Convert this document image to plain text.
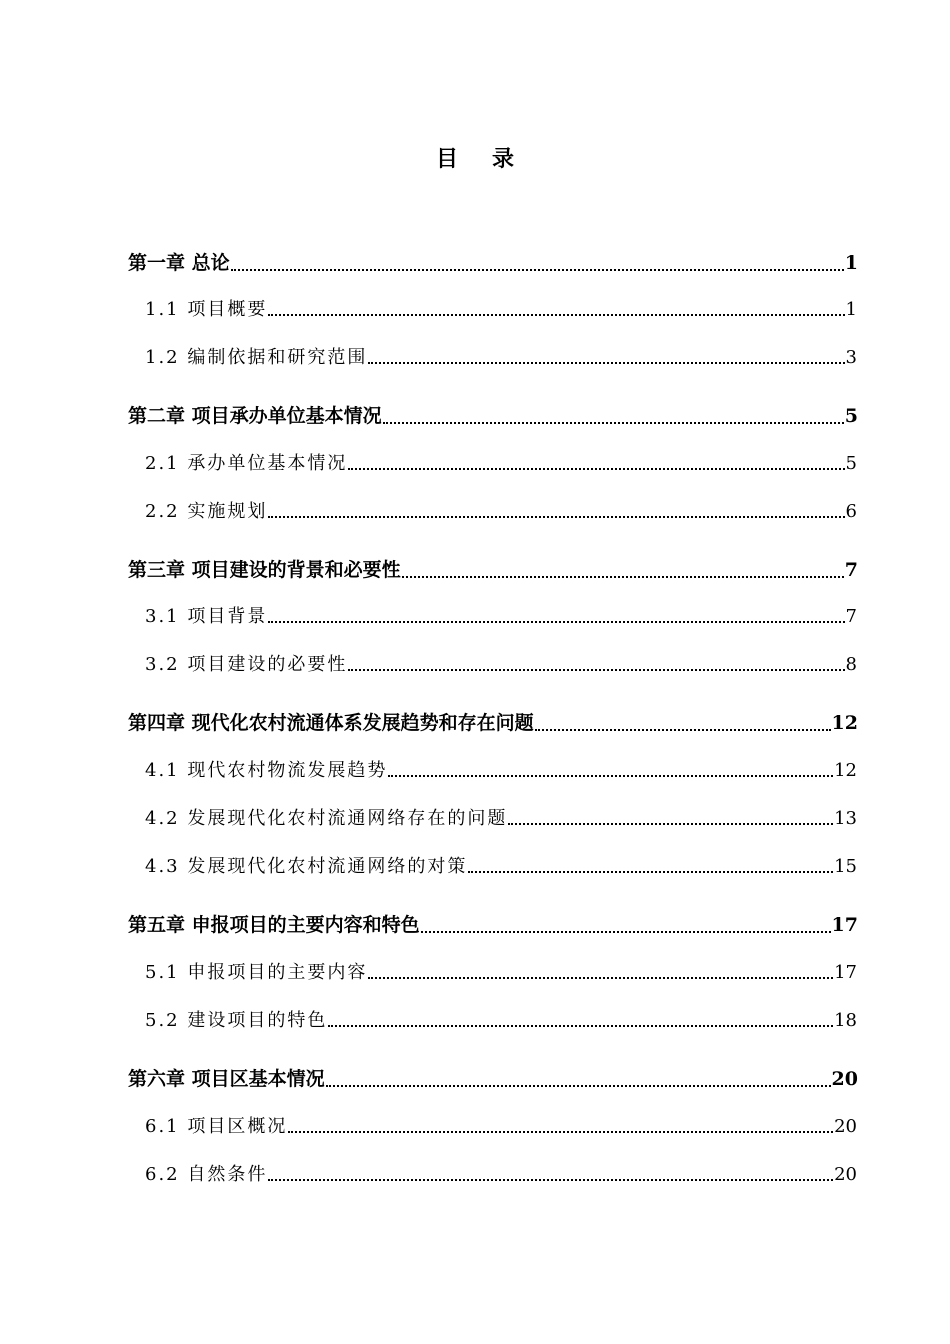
目 录
第一章 总论	1
1.1 项目概要	1
1.2 编制依据和研究范围	3
第二章 项目承办单位基本情况	5
2.1 承办单位基本情况	5
2.2 实施规划	6
第三章 项目建设的背景和必要性	7
3.1 项目背景	7
3.2 项目建设的必要性	8
第四章 现代化农村流通体系发展趋势和存在问题	12
4.1 现代农村物流发展趋势	12
4.2 发展现代化农村流通网络存在的问题	13
4.3 发展现代化农村流通网络的对策	15
第五章 申报项目的主要内容和特色	17
5.1 申报项目的主要内容	17
5.2 建设项目的特色	18
第六章 项目区基本情况	20
6.1 项目区概况	20
6.2 自然条件	20
